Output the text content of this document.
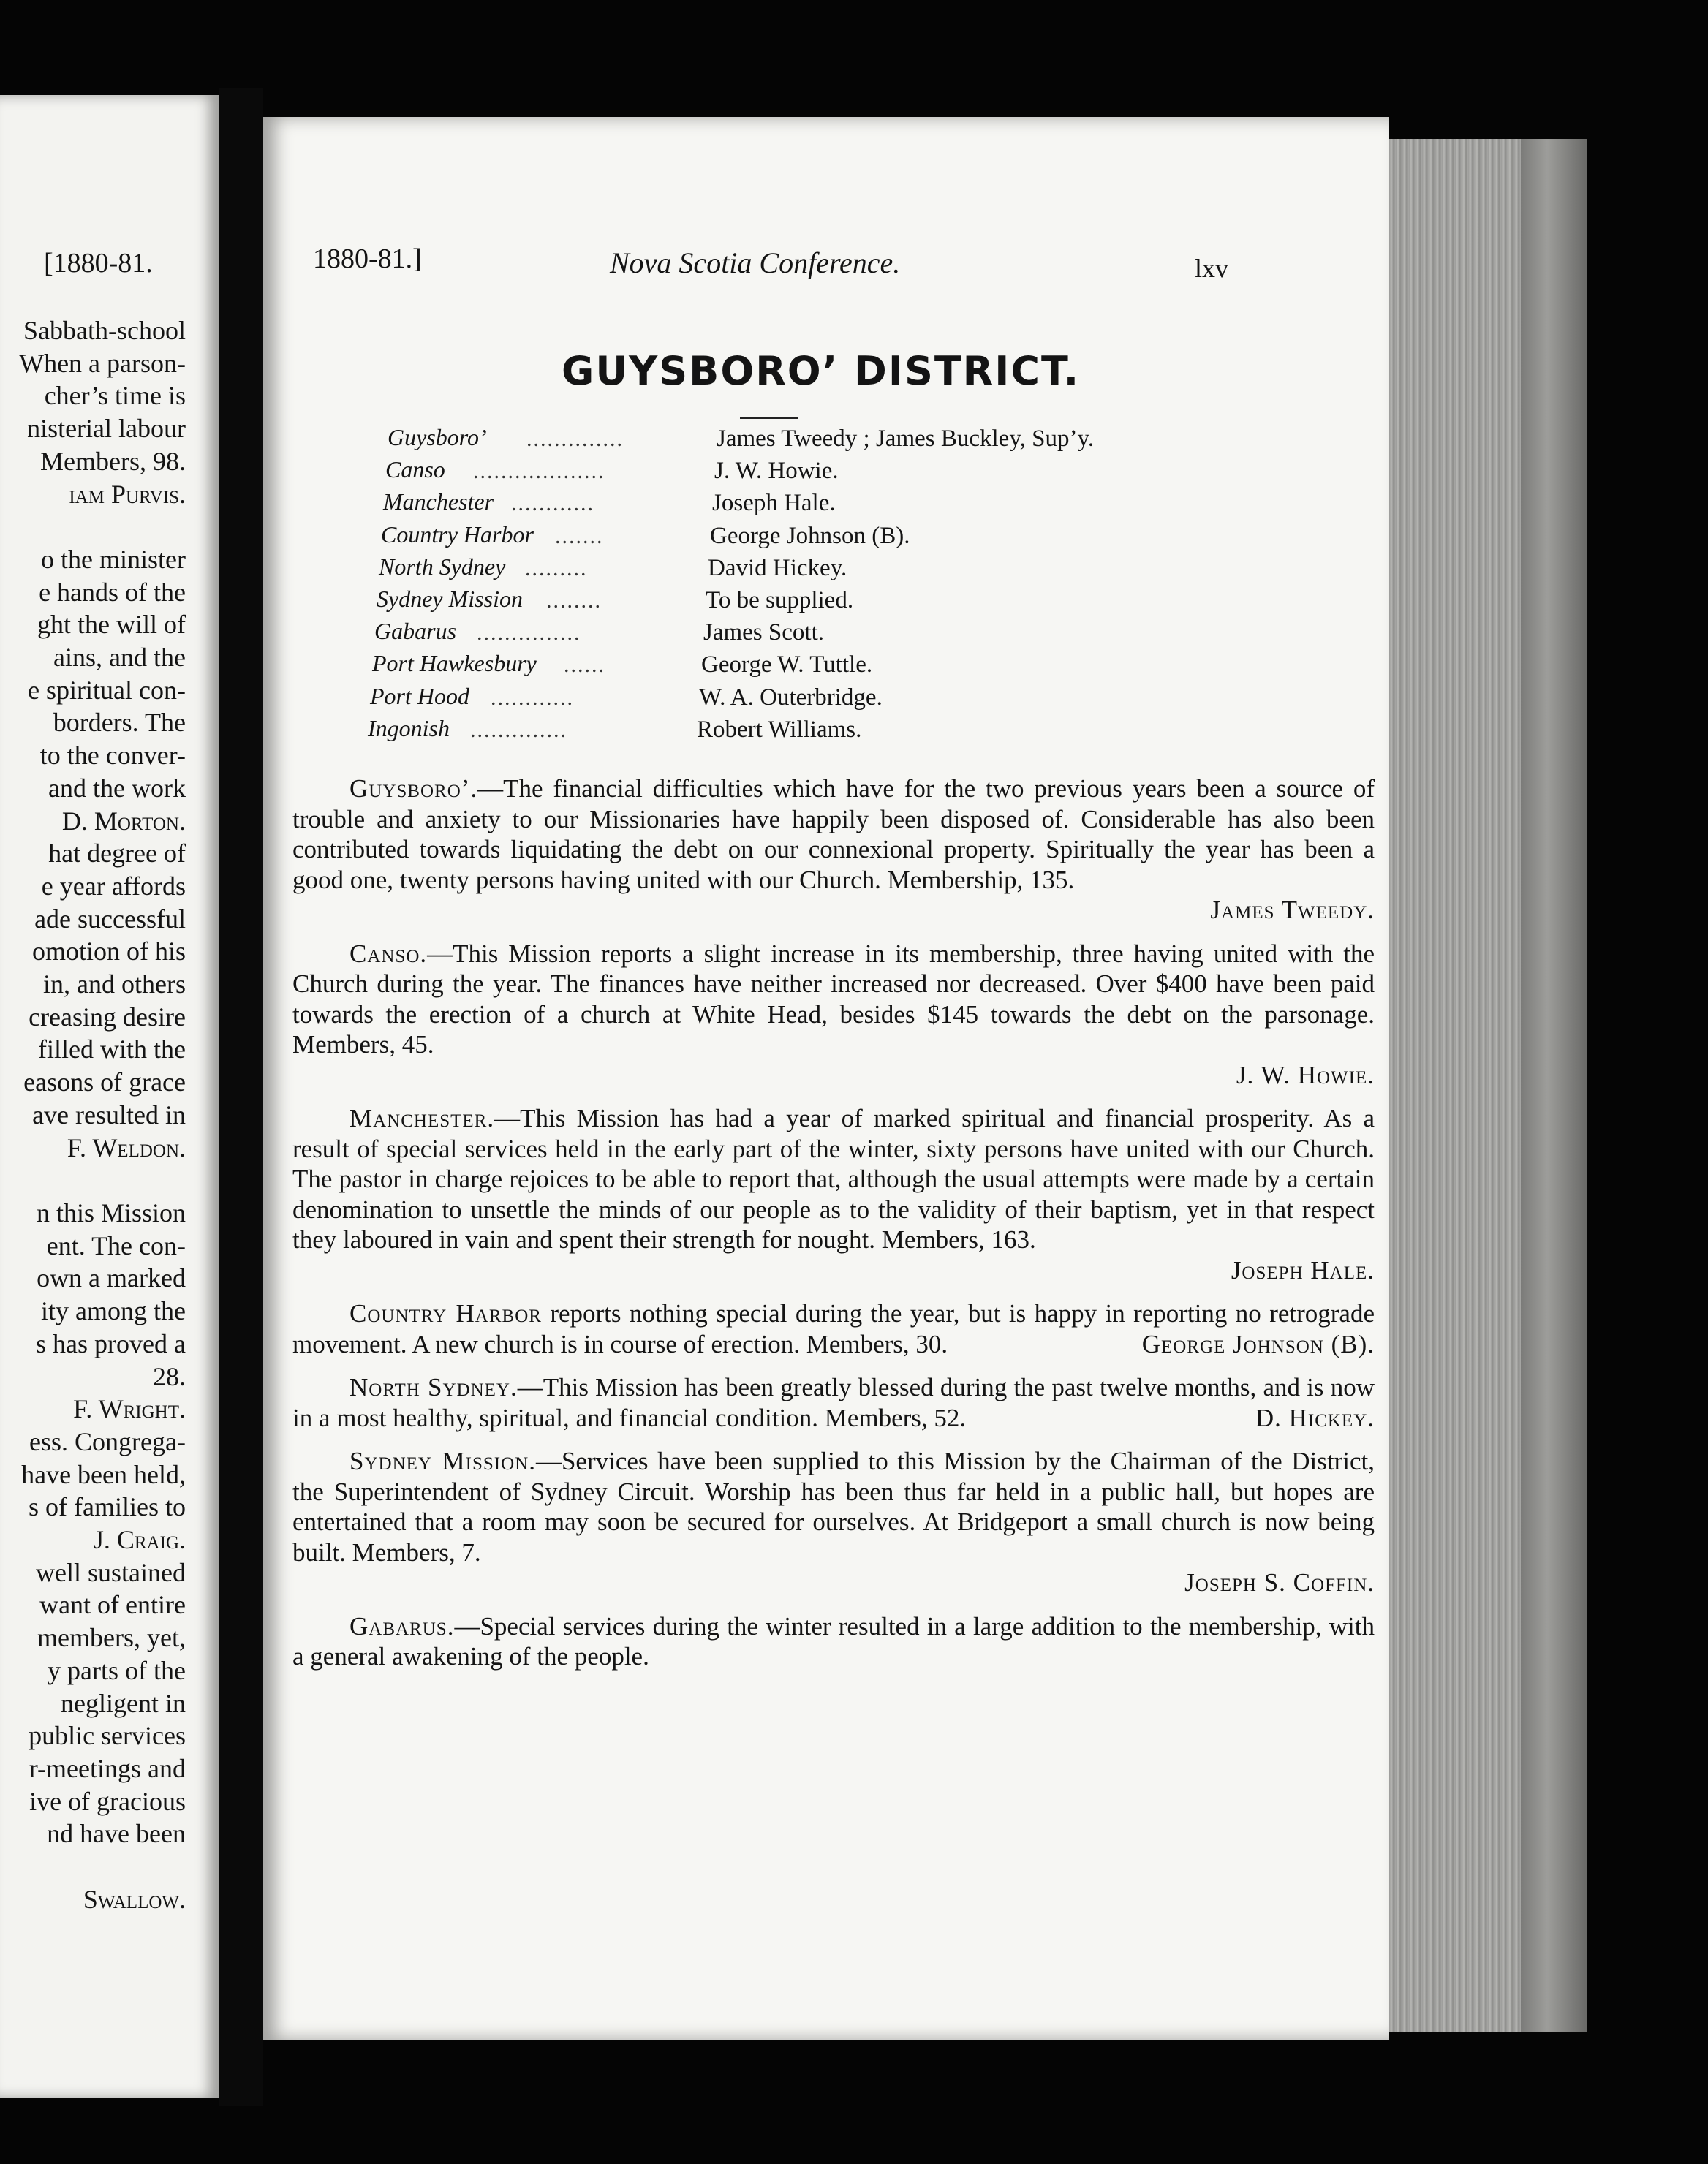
[1880-81.
Sabbath-school
When a parson-
cher’s time is
nisterial labour
Members, 98.
iam Purvis.

o the minister
e hands of the
ght the will of
ains, and the
e spiritual con-
borders. The
to the conver-
and the work
D. Morton.
hat degree of
e year affords
ade successful
omotion of his
in, and others
creasing desire
filled with the
easons of grace
ave resulted in
F. Weldon.

n this Mission
ent. The con-
own a marked
ity among the
s has proved a
28.
F. Wright.
ess. Congrega-
have been held,
s of families to
J. Craig.
well sustained
want of entire
members, yet,
y parts of the
negligent in
public services
r-meetings and
ive of gracious
nd have been

Swallow.
1880-81.]	Nova Scotia Conference.	lxv
GUYSBORO’ DISTRICT.
Guysboro’ ..............	James Tweedy ; James Buckley, Sup’y.
Canso ...................	J. W. Howie.
Manchester ............	Joseph Hale.
Country Harbor .......	George Johnson (B).
North Sydney .........	David Hickey.
Sydney Mission ........	To be supplied.
Gabarus ...............	James Scott.
Port Hawkesbury ......	George W. Tuttle.
Port Hood ............	W. A. Outerbridge.
Ingonish ..............	Robert Williams.

Guysboro’.—The financial difficulties which have for the two previous years been a source of trouble and anxiety to our Missionaries have happily been disposed of. Considerable has also been contributed towards liquidating the debt on our connexional property. Spiritually the year has been a good one, twenty persons having united with our Church. Membership, 135.

James Tweedy.

Canso.—This Mission reports a slight increase in its membership, three having united with the Church during the year. The finances have neither increased nor decreased. Over $400 have been paid towards the erection of a church at White Head, besides $145 towards the debt on the parsonage. Members, 45.

J. W. Howie.

Manchester.—This Mission has had a year of marked spiritual and financial prosperity. As a result of special services held in the early part of the winter, sixty persons have united with our Church. The pastor in charge rejoices to be able to report that, although the usual attempts were made by a certain denomination to unsettle the minds of our people as to the validity of their baptism, yet in that respect they laboured in vain and spent their strength for nought. Members, 163.

Joseph Hale.

Country Harbor reports nothing special during the year, but is happy in reporting no retrograde movement. A new church is in course of erection. Members, 30.	George Johnson (B).

North Sydney.—This Mission has been greatly blessed during the past twelve months, and is now in a most healthy, spiritual, and financial condition. Members, 52.	D. Hickey.

Sydney Mission.—Services have been supplied to this Mission by the Chairman of the District, the Superintendent of Sydney Circuit. Worship has been thus far held in a public hall, but hopes are entertained that a room may soon be secured for ourselves. At Bridgeport a small church is now being built. Members, 7.

Joseph S. Coffin.

Gabarus.—Special services during the winter resulted in a large addition to the membership, with a general awakening of the people.
